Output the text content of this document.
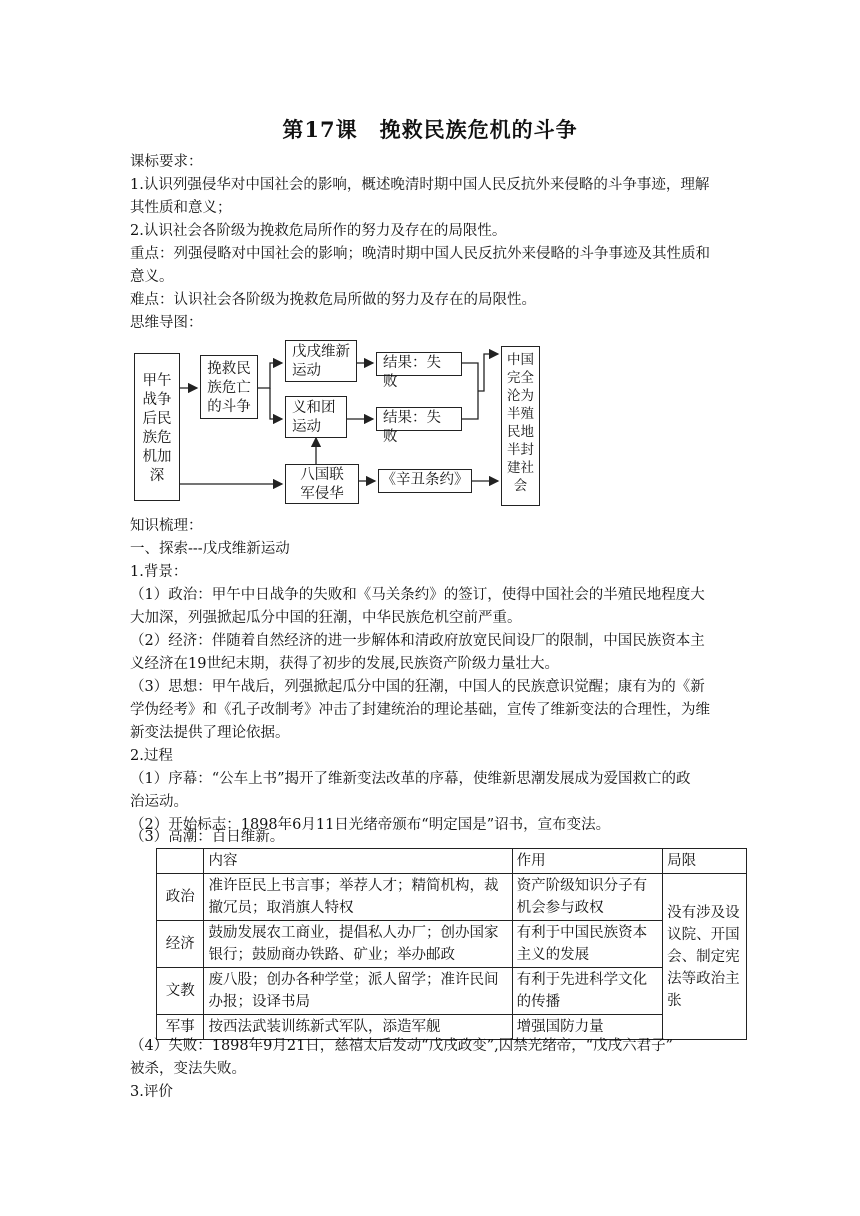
第17课　挽救民族危机的斗争
课标要求：
1.认识列强侵华对中国社会的影响，概述晚清时期中国人民反抗外来侵略的斗争事迹，理解
其性质和意义；
2.认识社会各阶级为挽救危局所作的努力及存在的局限性。
重点：列强侵略对中国社会的影响；晚清时期中国人民反抗外来侵略的斗争事迹及其性质和
意义。
难点：认识社会各阶级为挽救危局所做的努力及存在的局限性。
思维导图：
甲午
战争
后民
族危
机加
深
挽救民
族危亡
的斗争
戊戌维新
运动
义和团
运动
八国联
军侵华
结果：失败
结果：失败
《辛丑条约》
中国
完全
沦为
半殖
民地
半封
建社
会
知识梳理：
一、探索---戊戌维新运动
1.背景：
（1）政治：甲午中日战争的失败和《马关条约》的签订，使得中国社会的半殖民地程度大
大加深，列强掀起瓜分中国的狂潮，中华民族危机空前严重。
（2）经济：伴随着自然经济的进一步解体和清政府放宽民间设厂的限制，中国民族资本主
义经济在19世纪末期，获得了初步的发展,民族资产阶级力量壮大。
（3）思想：甲午战后，列强掀起瓜分中国的狂潮，中国人的民族意识觉醒；康有为的《新
学伪经考》和《孔子改制考》冲击了封建统治的理论基础，宣传了维新变法的合理性，为维
新变法提供了理论依据。
2.过程
（1）序幕：“公车上书”揭开了维新变法改革的序幕，使维新思潮发展成为爱国救亡的政
治运动。
（2）开始标志：1898年6月11日光绪帝颁布“明定国是”诏书，宣布变法。
（3）高潮：百日维新。
	内容	作用	局限
政治	准许臣民上书言事；举荐人才；精简机构，裁撤冗员；取消旗人特权	资产阶级知识分子有机会参与政权	没有涉及设议院、开国会、制定宪法等政治主张
经济	鼓励发展农工商业，提倡私人办厂；创办国家银行；鼓励商办铁路、矿业；举办邮政	有利于中国民族资本主义的发展	
文教	废八股；创办各种学堂；派人留学；准许民间办报；设译书局	有利于先进科学文化的传播	
军事	按西法武装训练新式军队，添造军舰	增强国防力量	
（4）失败：1898年9月21日，慈禧太后发动“戊戌政变”,囚禁光绪帝，“戊戌六君子”
被杀，变法失败。
3.评价
